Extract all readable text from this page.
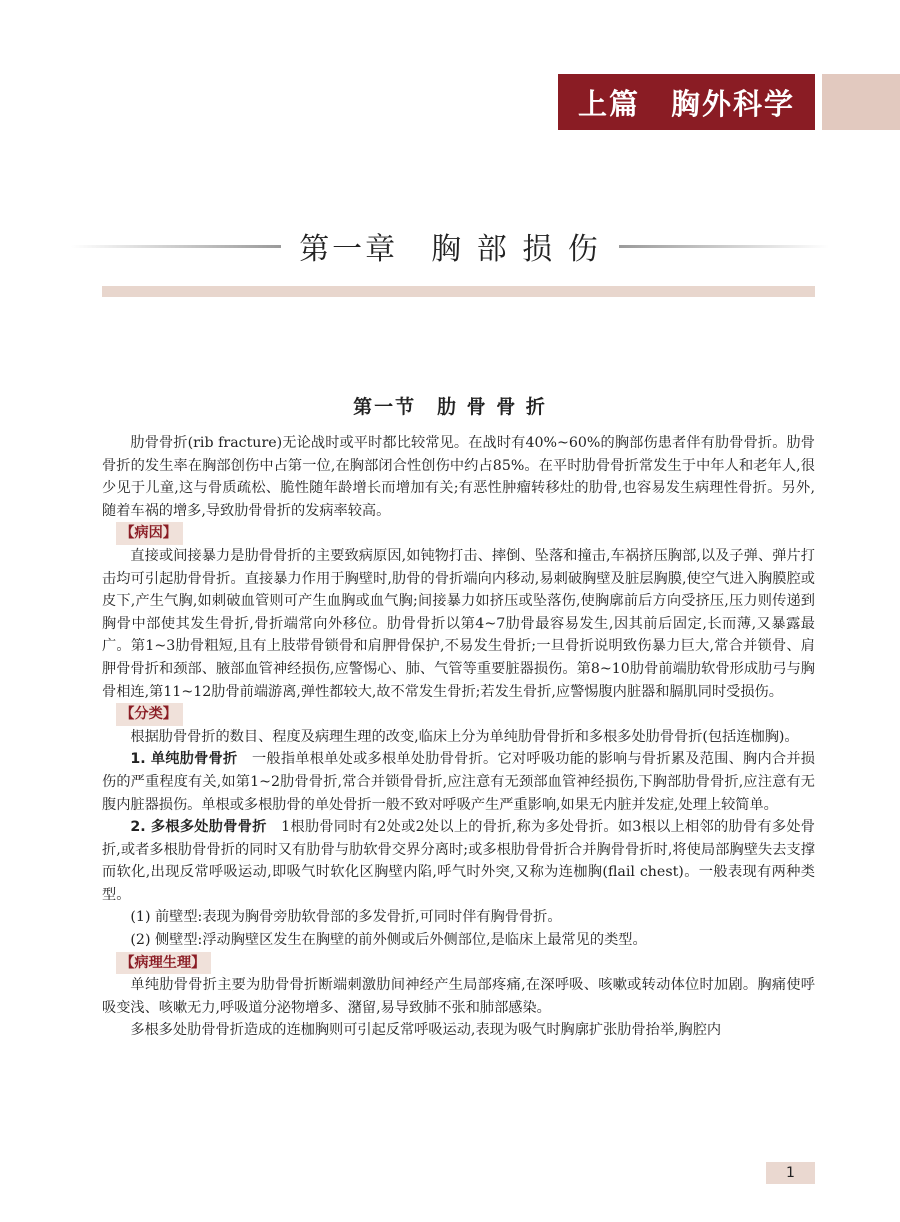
上篇　胸外科学
第一章　胸 部 损 伤
第一节　肋 骨 骨 折

肋骨骨折(rib fracture)无论战时或平时都比较常见。在战时有40%~60%的胸部伤患者伴有肋骨骨折。肋骨骨折的发生率在胸部创伤中占第一位,在胸部闭合性创伤中约占85%。在平时肋骨骨折常发生于中年人和老年人,很少见于儿童,这与骨质疏松、脆性随年龄增长而增加有关;有恶性肿瘤转移灶的肋骨,也容易发生病理性骨折。另外,随着车祸的增多,导致肋骨骨折的发病率较高。

【病因】

直接或间接暴力是肋骨骨折的主要致病原因,如钝物打击、摔倒、坠落和撞击,车祸挤压胸部,以及子弹、弹片打击均可引起肋骨骨折。直接暴力作用于胸壁时,肋骨的骨折端向内移动,易刺破胸壁及脏层胸膜,使空气进入胸膜腔或皮下,产生气胸,如刺破血管则可产生血胸或血气胸;间接暴力如挤压或坠落伤,使胸廓前后方向受挤压,压力则传递到胸骨中部使其发生骨折,骨折端常向外移位。肋骨骨折以第4~7肋骨最容易发生,因其前后固定,长而薄,又暴露最广。第1~3肋骨粗短,且有上肢带骨锁骨和肩胛骨保护,不易发生骨折;一旦骨折说明致伤暴力巨大,常合并锁骨、肩胛骨骨折和颈部、腋部血管神经损伤,应警惕心、肺、气管等重要脏器损伤。第8~10肋骨前端肋软骨形成肋弓与胸骨相连,第11~12肋骨前端游离,弹性都较大,故不常发生骨折;若发生骨折,应警惕腹内脏器和膈肌同时受损伤。

【分类】

根据肋骨骨折的数目、程度及病理生理的改变,临床上分为单纯肋骨骨折和多根多处肋骨骨折(包括连枷胸)。

1. 单纯肋骨骨折　 一般指单根单处或多根单处肋骨骨折。它对呼吸功能的影响与骨折累及范围、胸内合并损伤的严重程度有关,如第1~2肋骨骨折,常合并锁骨骨折,应注意有无颈部血管神经损伤,下胸部肋骨骨折,应注意有无腹内脏器损伤。单根或多根肋骨的单处骨折一般不致对呼吸产生严重影响,如果无内脏并发症,处理上较简单。

2. 多根多处肋骨骨折　 1根肋骨同时有2处或2处以上的骨折,称为多处骨折。如3根以上相邻的肋骨有多处骨折,或者多根肋骨骨折的同时又有肋骨与肋软骨交界分离时;或多根肋骨骨折合并胸骨骨折时,将使局部胸壁失去支撑而软化,出现反常呼吸运动,即吸气时软化区胸壁内陷,呼气时外突,又称为连枷胸(flail chest)。一般表现有两种类型。

(1) 前壁型:表现为胸骨旁肋软骨部的多发骨折,可同时伴有胸骨骨折。

(2) 侧壁型:浮动胸壁区发生在胸壁的前外侧或后外侧部位,是临床上最常见的类型。

【病理生理】

单纯肋骨骨折主要为肋骨骨折断端刺激肋间神经产生局部疼痛,在深呼吸、咳嗽或转动体位时加剧。胸痛使呼吸变浅、咳嗽无力,呼吸道分泌物增多、潴留,易导致肺不张和肺部感染。

多根多处肋骨骨折造成的连枷胸则可引起反常呼吸运动,表现为吸气时胸廓扩张肋骨抬举,胸腔内

1
